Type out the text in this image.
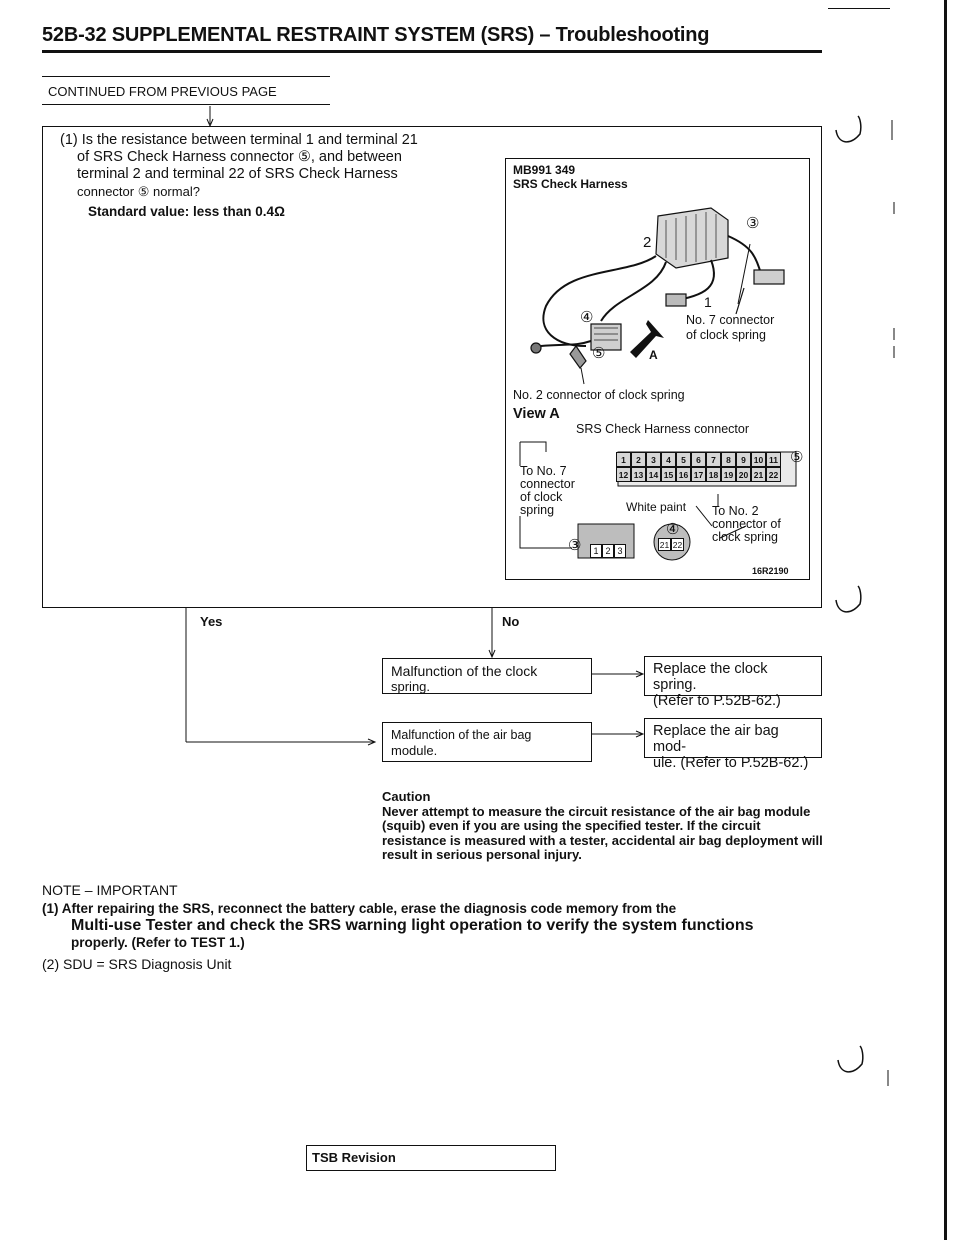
52B-32 SUPPLEMENTAL RESTRAINT SYSTEM (SRS) – Troubleshooting
CONTINUED FROM PREVIOUS PAGE
(1) Is the resistance between terminal 1 and terminal 21
of SRS Check Harness connector ⑤, and between
terminal 2 and terminal 22 of SRS Check Harness
connector ⑤ normal?
Standard value: less than 0.4Ω
MB991 349
SRS Check Harness
③
2
1
④
⑤	A
No. 7 connector
of clock spring
No. 2 connector of clock spring
View A
SRS Check Harness connector
1	2	3	4	5	6	7	8	9 10 11
12 13 14 15 16 17 18 19 20 21 22
⑤
To No. 7
connector
of clock
spring	White paint To No. 2
connector of
clock spring
④
③	1 2 3
21 22
16R2190
Yes	No
Malfunction of the clock
spring.
Malfunction of the air bag
module.
Replace the clock spring.
(Refer to P.52B-62.)
Replace the air bag mod-
ule. (Refer to P.52B-62.)
Caution
Never attempt to measure the circuit resistance of the air bag module (squib) even if you are using the specified tester. If the circuit resistance is measured with a tester, accidental air bag deployment will result in serious personal injury.
NOTE – IMPORTANT
(1) After repairing the SRS, reconnect the battery cable, erase the diagnosis code memory from the
Multi-use Tester and check the SRS warning light operation to verify the system functions
properly. (Refer to TEST 1.)
(2) SDU = SRS Diagnosis Unit
TSB Revision
